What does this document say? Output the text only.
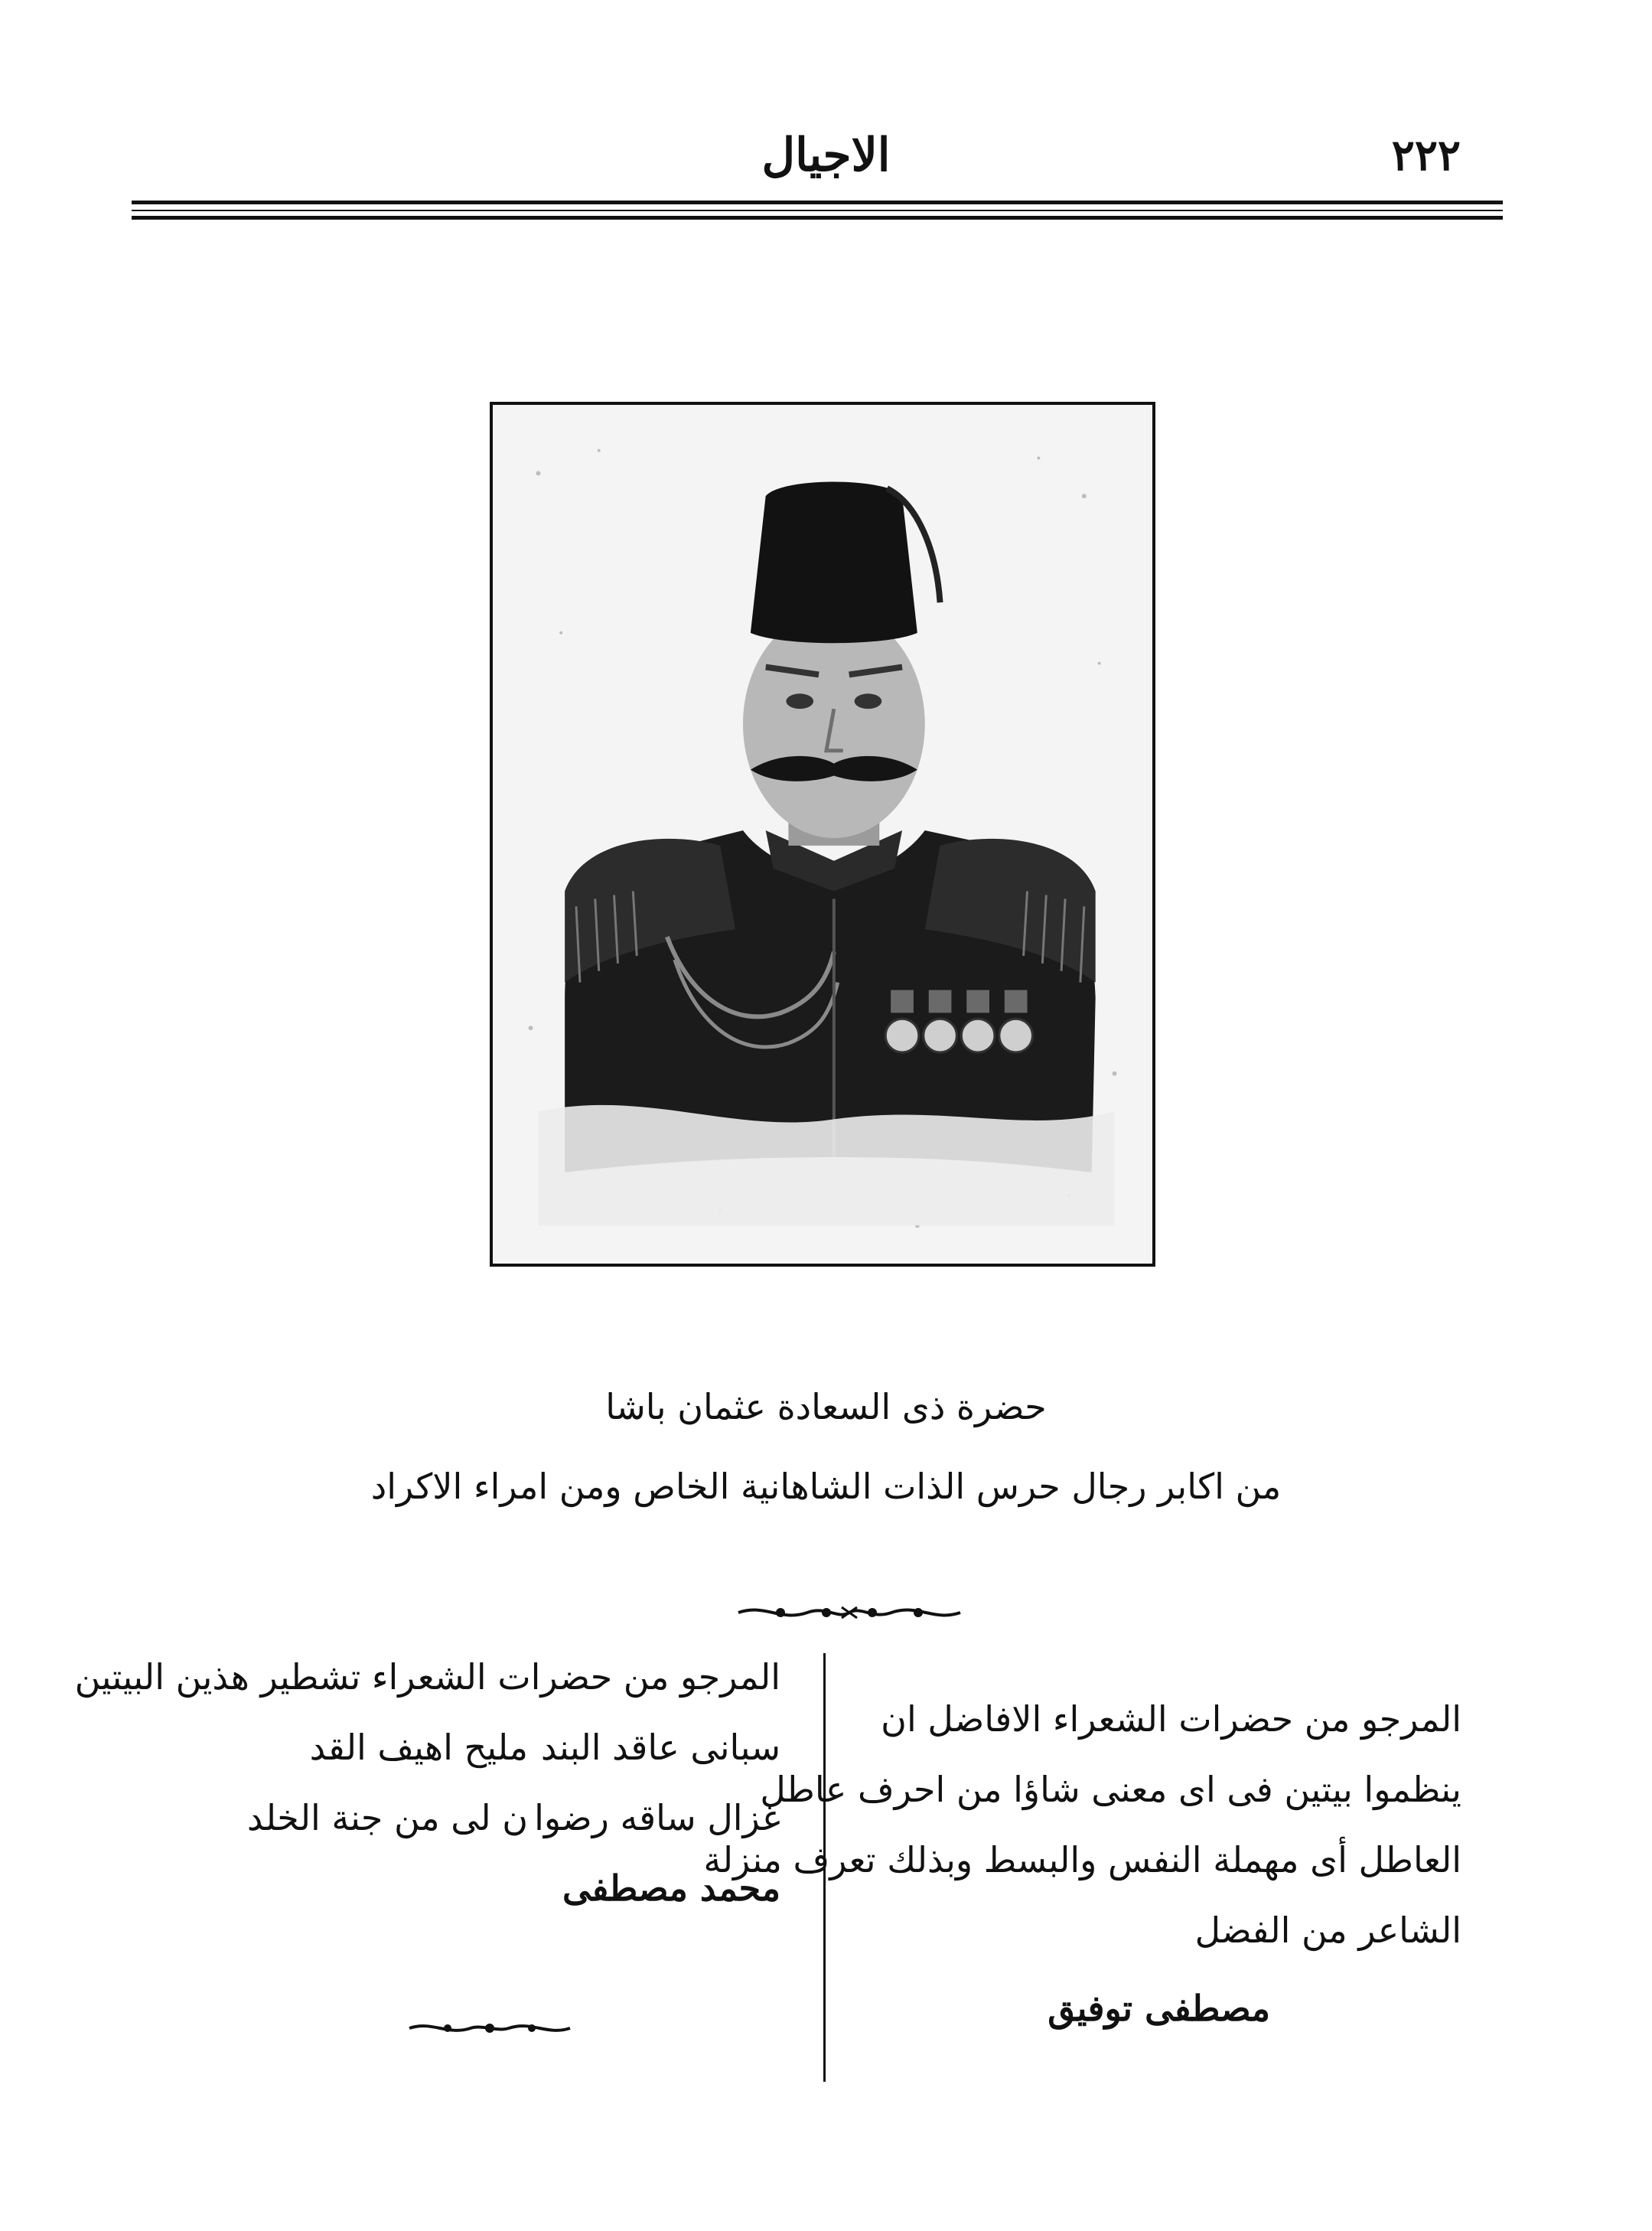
الاجيال	٢٢٢
حضرة ذى السعادة عثمان باشا
من اكابر رجال حرس الذات الشاهانية الخاص ومن امراء الاكراد
المرجو من حضرات الشعراء الافاضل ان
ينظموا بيتين فى اى معنى شاؤا من احرف عاطل
العاطل أى مهملة النفس والبسط وبذلك تعرف منزلة
الشاعر من الفضل
مصطفى توفيق
المرجو من حضرات الشعراء تشطير هذين البيتين
سبانى عاقد البند
مليح اهيف القد
غزال ساقه رضوا
ن لى من جنة الخلد
محمد مصطفى
